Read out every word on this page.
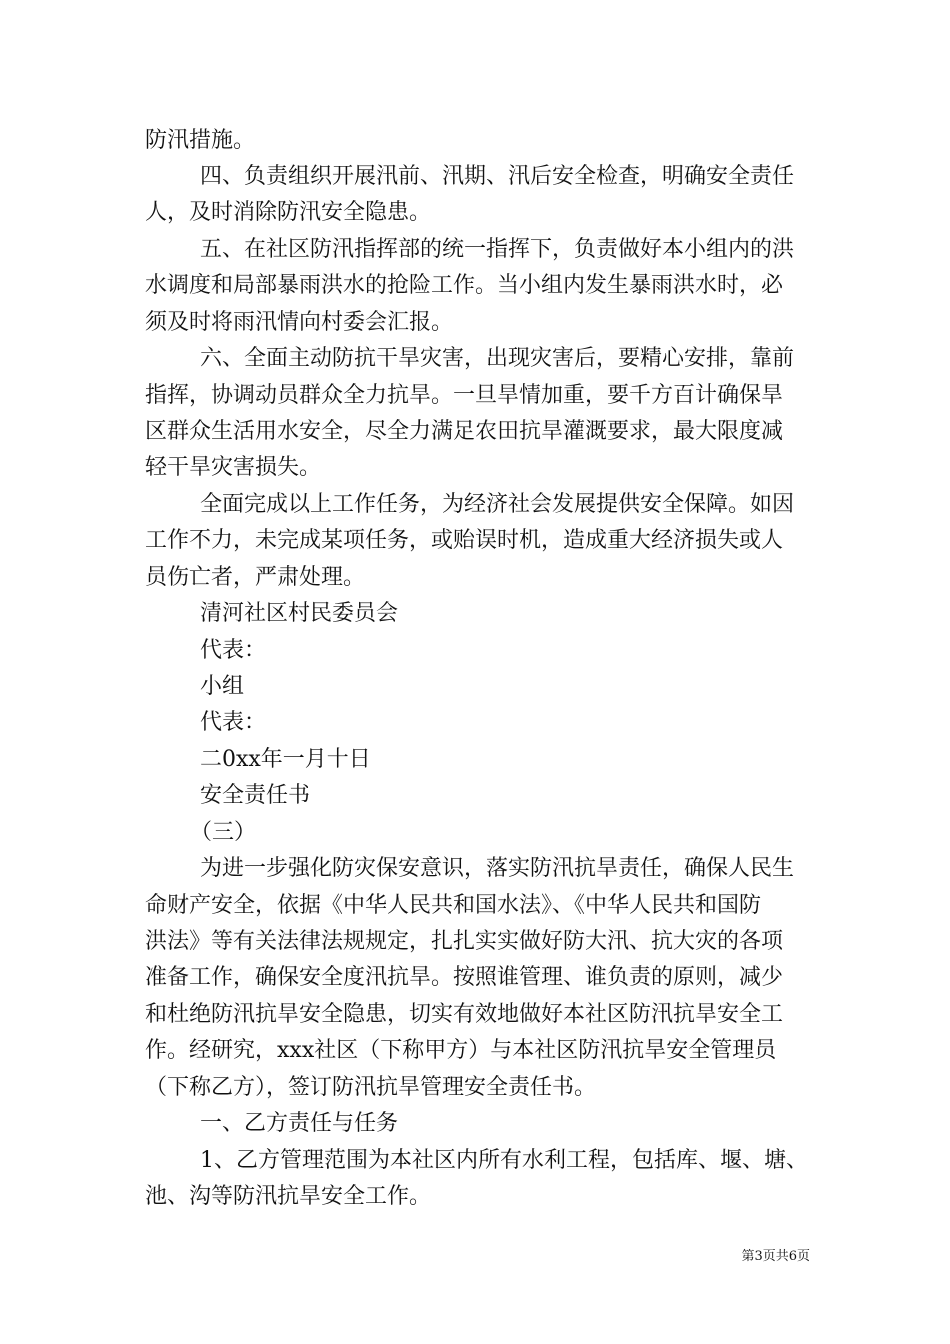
防汛措施。
四、负责组织开展汛前、汛期、汛后安全检查，明确安全责任
人，及时消除防汛安全隐患。
五、在社区防汛指挥部的统一指挥下，负责做好本小组内的洪
水调度和局部暴雨洪水的抢险工作。当小组内发生暴雨洪水时，必
须及时将雨汛情向村委会汇报。
六、全面主动防抗干旱灾害，出现灾害后，要精心安排，靠前
指挥，协调动员群众全力抗旱。一旦旱情加重，要千方百计确保旱
区群众生活用水安全，尽全力满足农田抗旱灌溉要求，最大限度减
轻干旱灾害损失。
全面完成以上工作任务，为经济社会发展提供安全保障。如因
工作不力，未完成某项任务，或贻误时机，造成重大经济损失或人
员伤亡者，严肃处理。
清河社区村民委员会
代表：
小组
代表：
二0xx年一月十日
安全责任书
（三）
为进一步强化防灾保安意识，落实防汛抗旱责任，确保人民生
命财产安全，依据《中华人民共和国水法》、《中华人民共和国防
洪法》等有关法律法规规定，扎扎实实做好防大汛、抗大灾的各项
准备工作，确保安全度汛抗旱。按照谁管理、谁负责的原则，减少
和杜绝防汛抗旱安全隐患，切实有效地做好本社区防汛抗旱安全工
作。经研究，xxx社区（下称甲方）与本社区防汛抗旱安全管理员
（下称乙方），签订防汛抗旱管理安全责任书。
一、乙方责任与任务
1、乙方管理范围为本社区内所有水利工程，包括库、堰、塘、
池、沟等防汛抗旱安全工作。
第3页共6页
